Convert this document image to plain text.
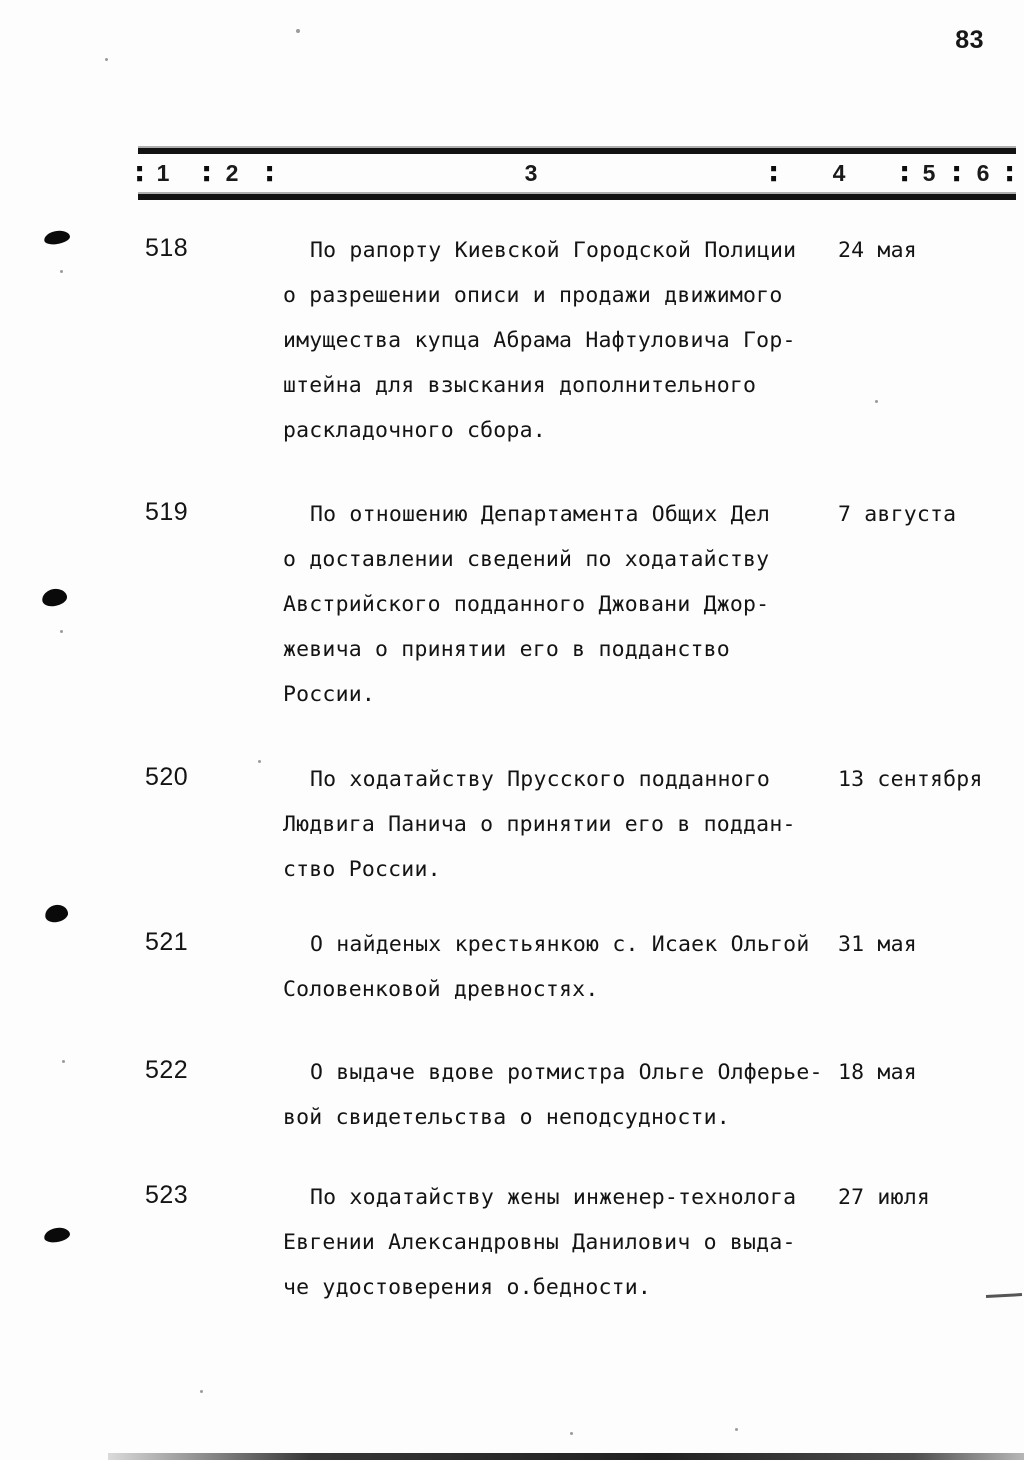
83
: 1	: 2 :	3	:	4	: 5 : 6 :
518	По рапорту Киевской Городской Полиции 24 мая
о разрешении описи и продажи движимого
имущества купца Абрама Нафтуловича Гор-
штейна для взыскания дополнительного
раскладочного сбора.
519	По отношению Департамента Общих Дел	7 августа
о доставлении сведений по ходатайству
Австрийского подданного Джовани Джор-
жевича о принятии его в подданство
России.
520	По ходатайству Прусского подданного	13 сентября
Людвига Панича о принятии его в поддан-
ство России.
521	О найденых крестьянкою с. Исаек Ольгой 31 мая
Соловенковой древностях.
522	О выдаче вдове ротмистра Ольге Олферье- 18 мая
вой свидетельства о неподсудности.
523	По ходатайству жены инженер-технолога 27 июля
Евгении Александровны Данилович о выда-
че удостоверения о.бедности.
